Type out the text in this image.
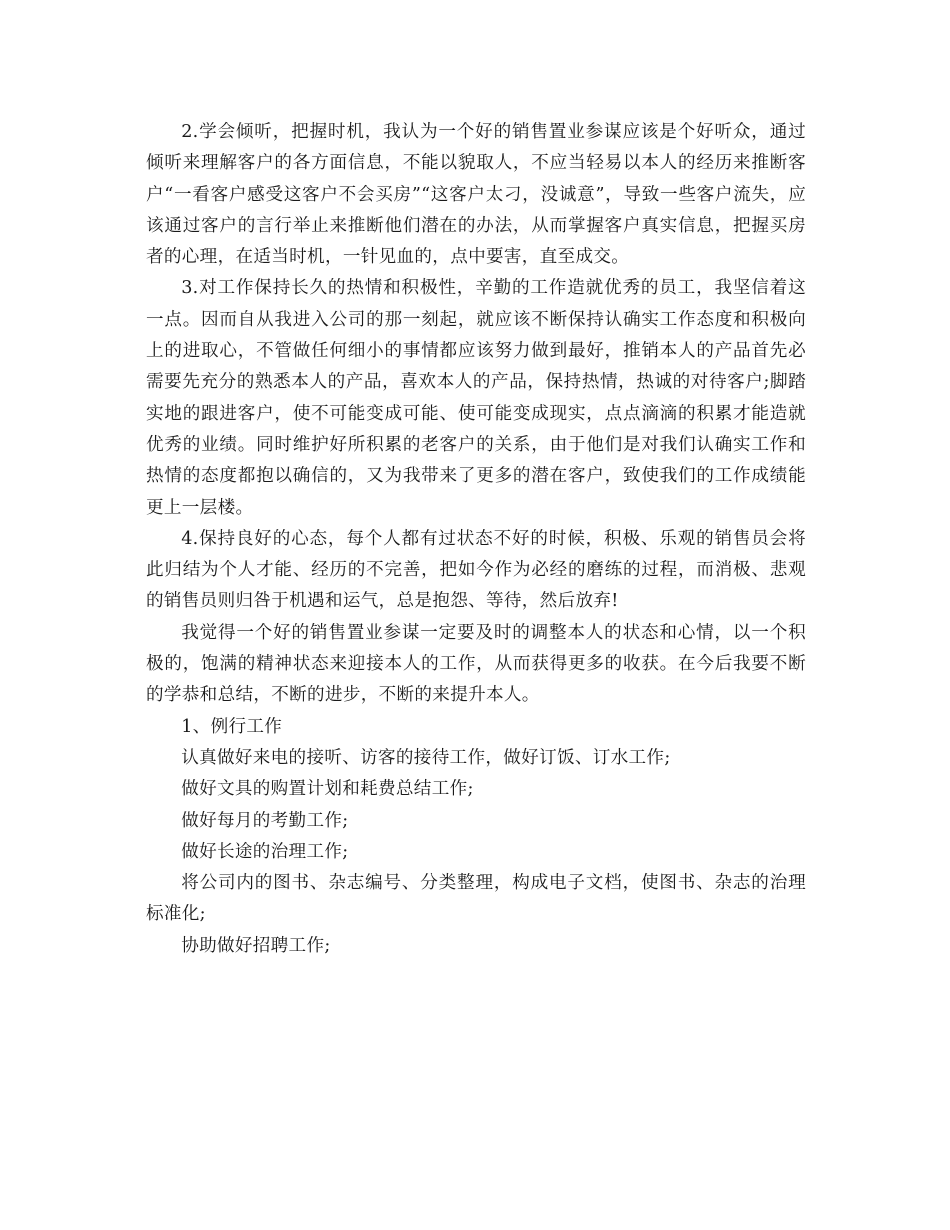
2.学会倾听，把握时机，我认为一个好的销售置业参谋应该是个好听众，通过倾听来理解客户的各方面信息，不能以貌取人，不应当轻易以本人的经历来推断客户“一看客户感受这客户不会买房”“这客户太刁，没诚意”，导致一些客户流失，应该通过客户的言行举止来推断他们潜在的办法，从而掌握客户真实信息，把握买房者的心理，在适当时机，一针见血的，点中要害，直至成交。

3.对工作保持长久的热情和积极性，辛勤的工作造就优秀的员工，我坚信着这一点。因而自从我进入公司的那一刻起，就应该不断保持认确实工作态度和积极向上的进取心，不管做任何细小的事情都应该努力做到最好，推销本人的产品首先必需要先充分的熟悉本人的产品，喜欢本人的产品，保持热情，热诚的对待客户;脚踏实地的跟进客户，使不可能变成可能、使可能变成现实，点点滴滴的积累才能造就优秀的业绩。同时维护好所积累的老客户的关系，由于他们是对我们认确实工作和热情的态度都抱以确信的，又为我带来了更多的潜在客户，致使我们的工作成绩能更上一层楼。

4.保持良好的心态，每个人都有过状态不好的时候，积极、乐观的销售员会将此归结为个人才能、经历的不完善，把如今作为必经的磨练的过程，而消极、悲观的销售员则归咎于机遇和运气，总是抱怨、等待，然后放弃!

我觉得一个好的销售置业参谋一定要及时的调整本人的状态和心情，以一个积极的，饱满的精神状态来迎接本人的工作，从而获得更多的收获。在今后我要不断的学恭和总结，不断的进步，不断的来提升本人。

1、例行工作

认真做好来电的接听、访客的接待工作，做好订饭、订水工作;

做好文具的购置计划和耗费总结工作;

做好每月的考勤工作;

做好长途的治理工作;

将公司内的图书、杂志编号、分类整理，构成电子文档，使图书、杂志的治理标准化;

协助做好招聘工作;
